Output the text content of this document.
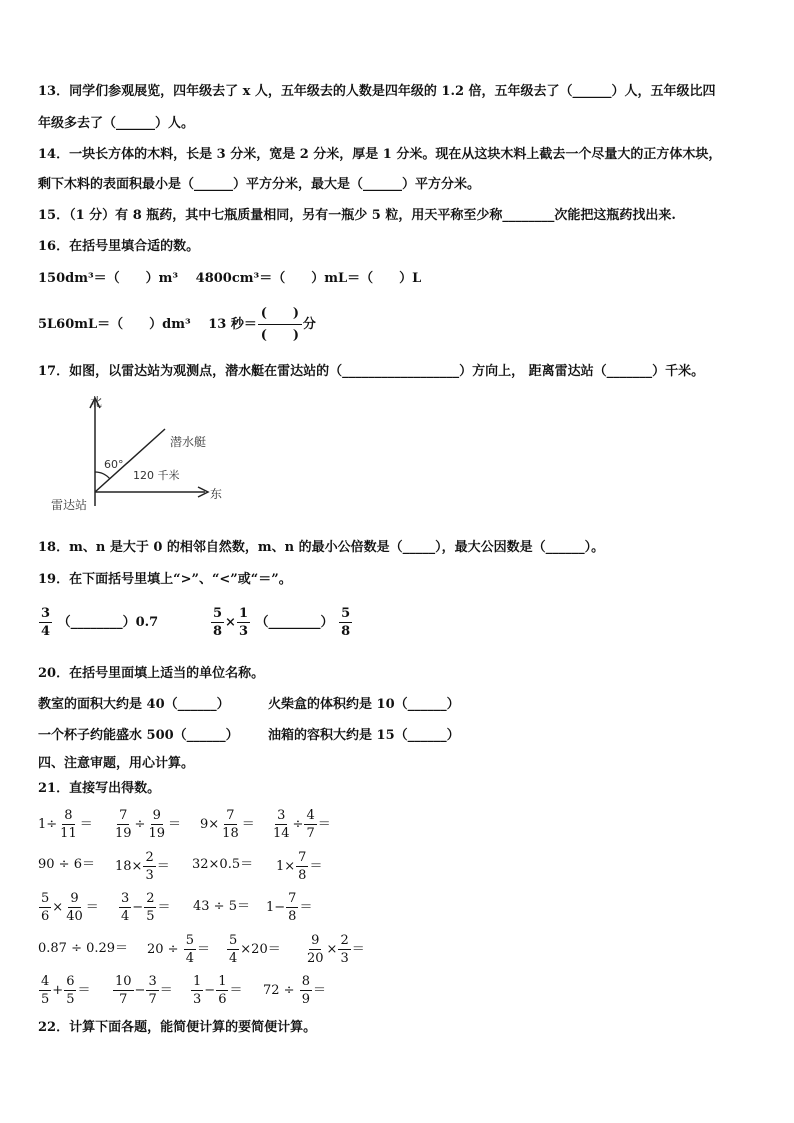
13．同学们参观展览，四年级去了 x 人，五年级去的人数是四年级的 1.2 倍，五年级去了（______）人，五年级比四
年级多去了（______）人。
14．一块长方体的木料，长是 3 分米，宽是 2 分米，厚是 1 分米。现在从这块木料上截去一个尽量大的正方体木块，
剩下木料的表面积最小是（______）平方分米，最大是（______）平方分米。
15．（1 分）有 8 瓶药，其中七瓶质量相同，另有一瓶少 5 粒，用天平称至少称________次能把这瓶药找出来.
16．在括号里填合适的数。
150dm³＝（　　）m³　 4800cm³＝（　　）mL＝（　　）L
5L60mL＝（　　）dm³　 13 秒＝ $\frac{( )}{( )}$ 分
17．如图，以雷达站为观测点，潜水艇在雷达站的（__________________）方向上， 距离雷达站（_______）千米。
北
东
雷达站
潜水艇
60°
120 千米
18．m、n 是大于 0 的相邻自然数，m、n 的最小公倍数是（_____），最大公因数是（______）。
19．在下面括号里填上“>”、“<”或“＝”。
$\frac{3}{4}$ （________）0.7	$\frac{5}{8} \times \frac{1}{3}$ （________） $\frac{5}{8}$
20．在括号里面填上适当的单位名称。
教室的面积大约是 40（______）	火柴盒的体积约是 10（______）
一个杯子约能盛水 500（______） 油箱的容积大约是 15（______）
四、注意审题，用心计算。
21．直接写出得数。
$1\div \frac{8}{11} = \frac{7}{19} \div \frac{9}{19} = 9\times \frac{7}{18} = \frac{3}{14} \div \frac{4}{7}$ ＝
$90 \div 6= 18\times \frac{2}{3} = 32\times 0.5= 1\times \frac{7}{8}$ ＝
$\frac{5}{6} \times \frac{9}{40} = \frac{3}{4} - \frac{2}{5} = 43 \div 5= 1- \frac{7}{8}$ ＝
$0.87 \div 0.29= 20 \div \frac{5}{4} = \frac{5}{4} \times 20= \frac{9}{20} \times \frac{2}{3}$ ＝
$\frac{4}{5} + \frac{6}{5} = \frac{10}{7} - \frac{3}{7} = \frac{1}{3} - \frac{1}{6} = 72 \div \frac{8}{9}$ ＝
22．计算下面各题，能简便计算的要简便计算。
